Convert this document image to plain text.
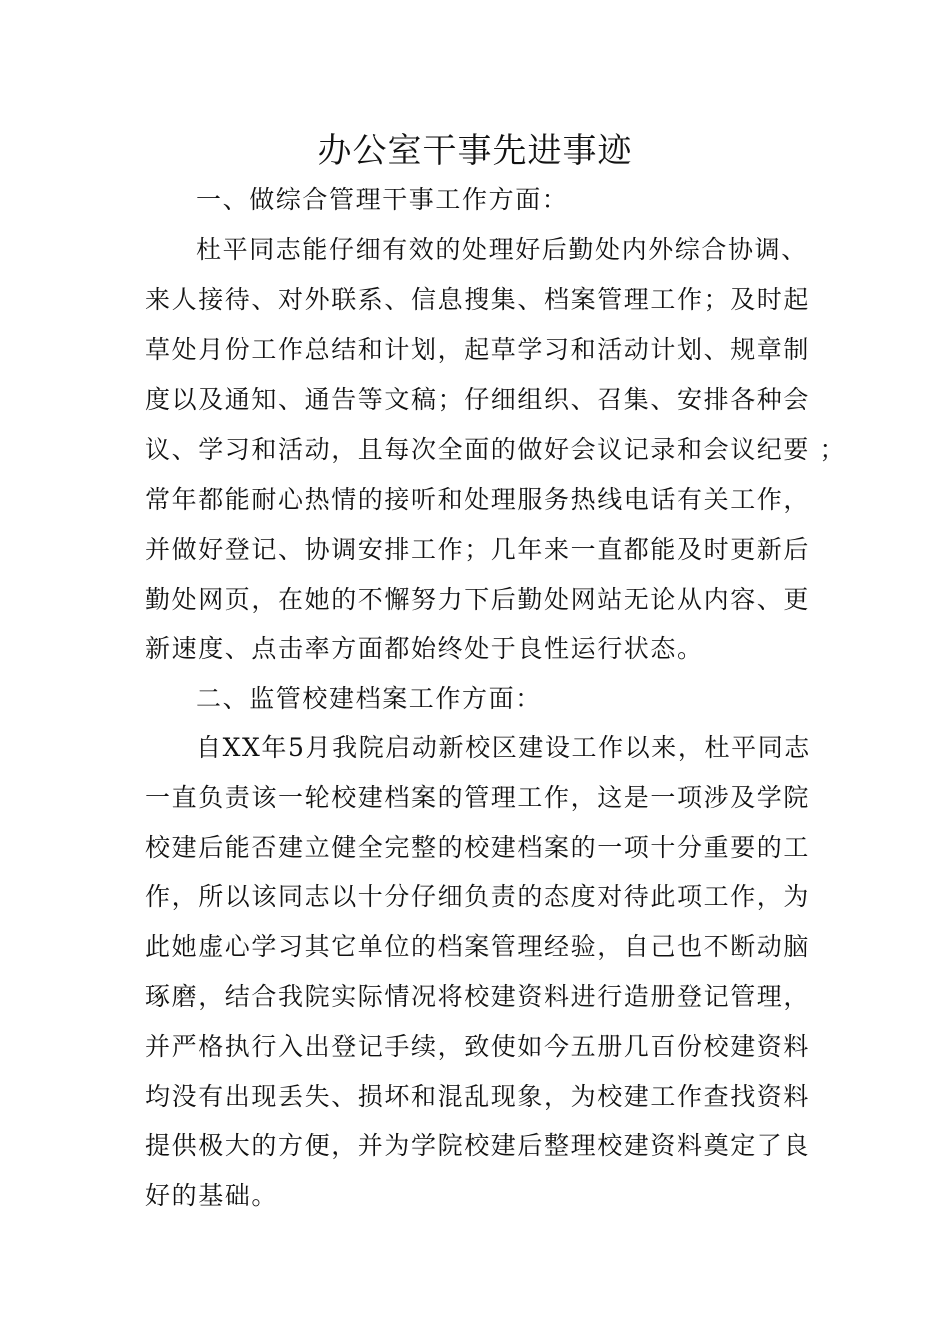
办公室干事先进事迹
一、做综合管理干事工作方面：
杜平同志能仔细有效的处理好后勤处内外综合协调、
来人接待、对外联系、信息搜集、档案管理工作；及时起
草处月份工作总结和计划，起草学习和活动计划、规章制
度以及通知、通告等文稿；仔细组织、召集、安排各种会
议、学习和活动，且每次全面的做好会议记录和会议纪要 ；
常年都能耐心热情的接听和处理服务热线电话有关工作，
并做好登记、协调安排工作；几年来一直都能及时更新后
勤处网页，在她的不懈努力下后勤处网站无论从内容、更
新速度、点击率方面都始终处于良性运行状态。
二、监管校建档案工作方面：
自XX年5月我院启动新校区建设工作以来，杜平同志
一直负责该一轮校建档案的管理工作，这是一项涉及学院
校建后能否建立健全完整的校建档案的一项十分重要的工
作，所以该同志以十分仔细负责的态度对待此项工作，为
此她虚心学习其它单位的档案管理经验，自己也不断动脑
琢磨，结合我院实际情况将校建资料进行造册登记管理，
并严格执行入出登记手续，致使如今五册几百份校建资料
均没有出现丢失、损坏和混乱现象，为校建工作查找资料
提供极大的方便，并为学院校建后整理校建资料奠定了良
好的基础。
